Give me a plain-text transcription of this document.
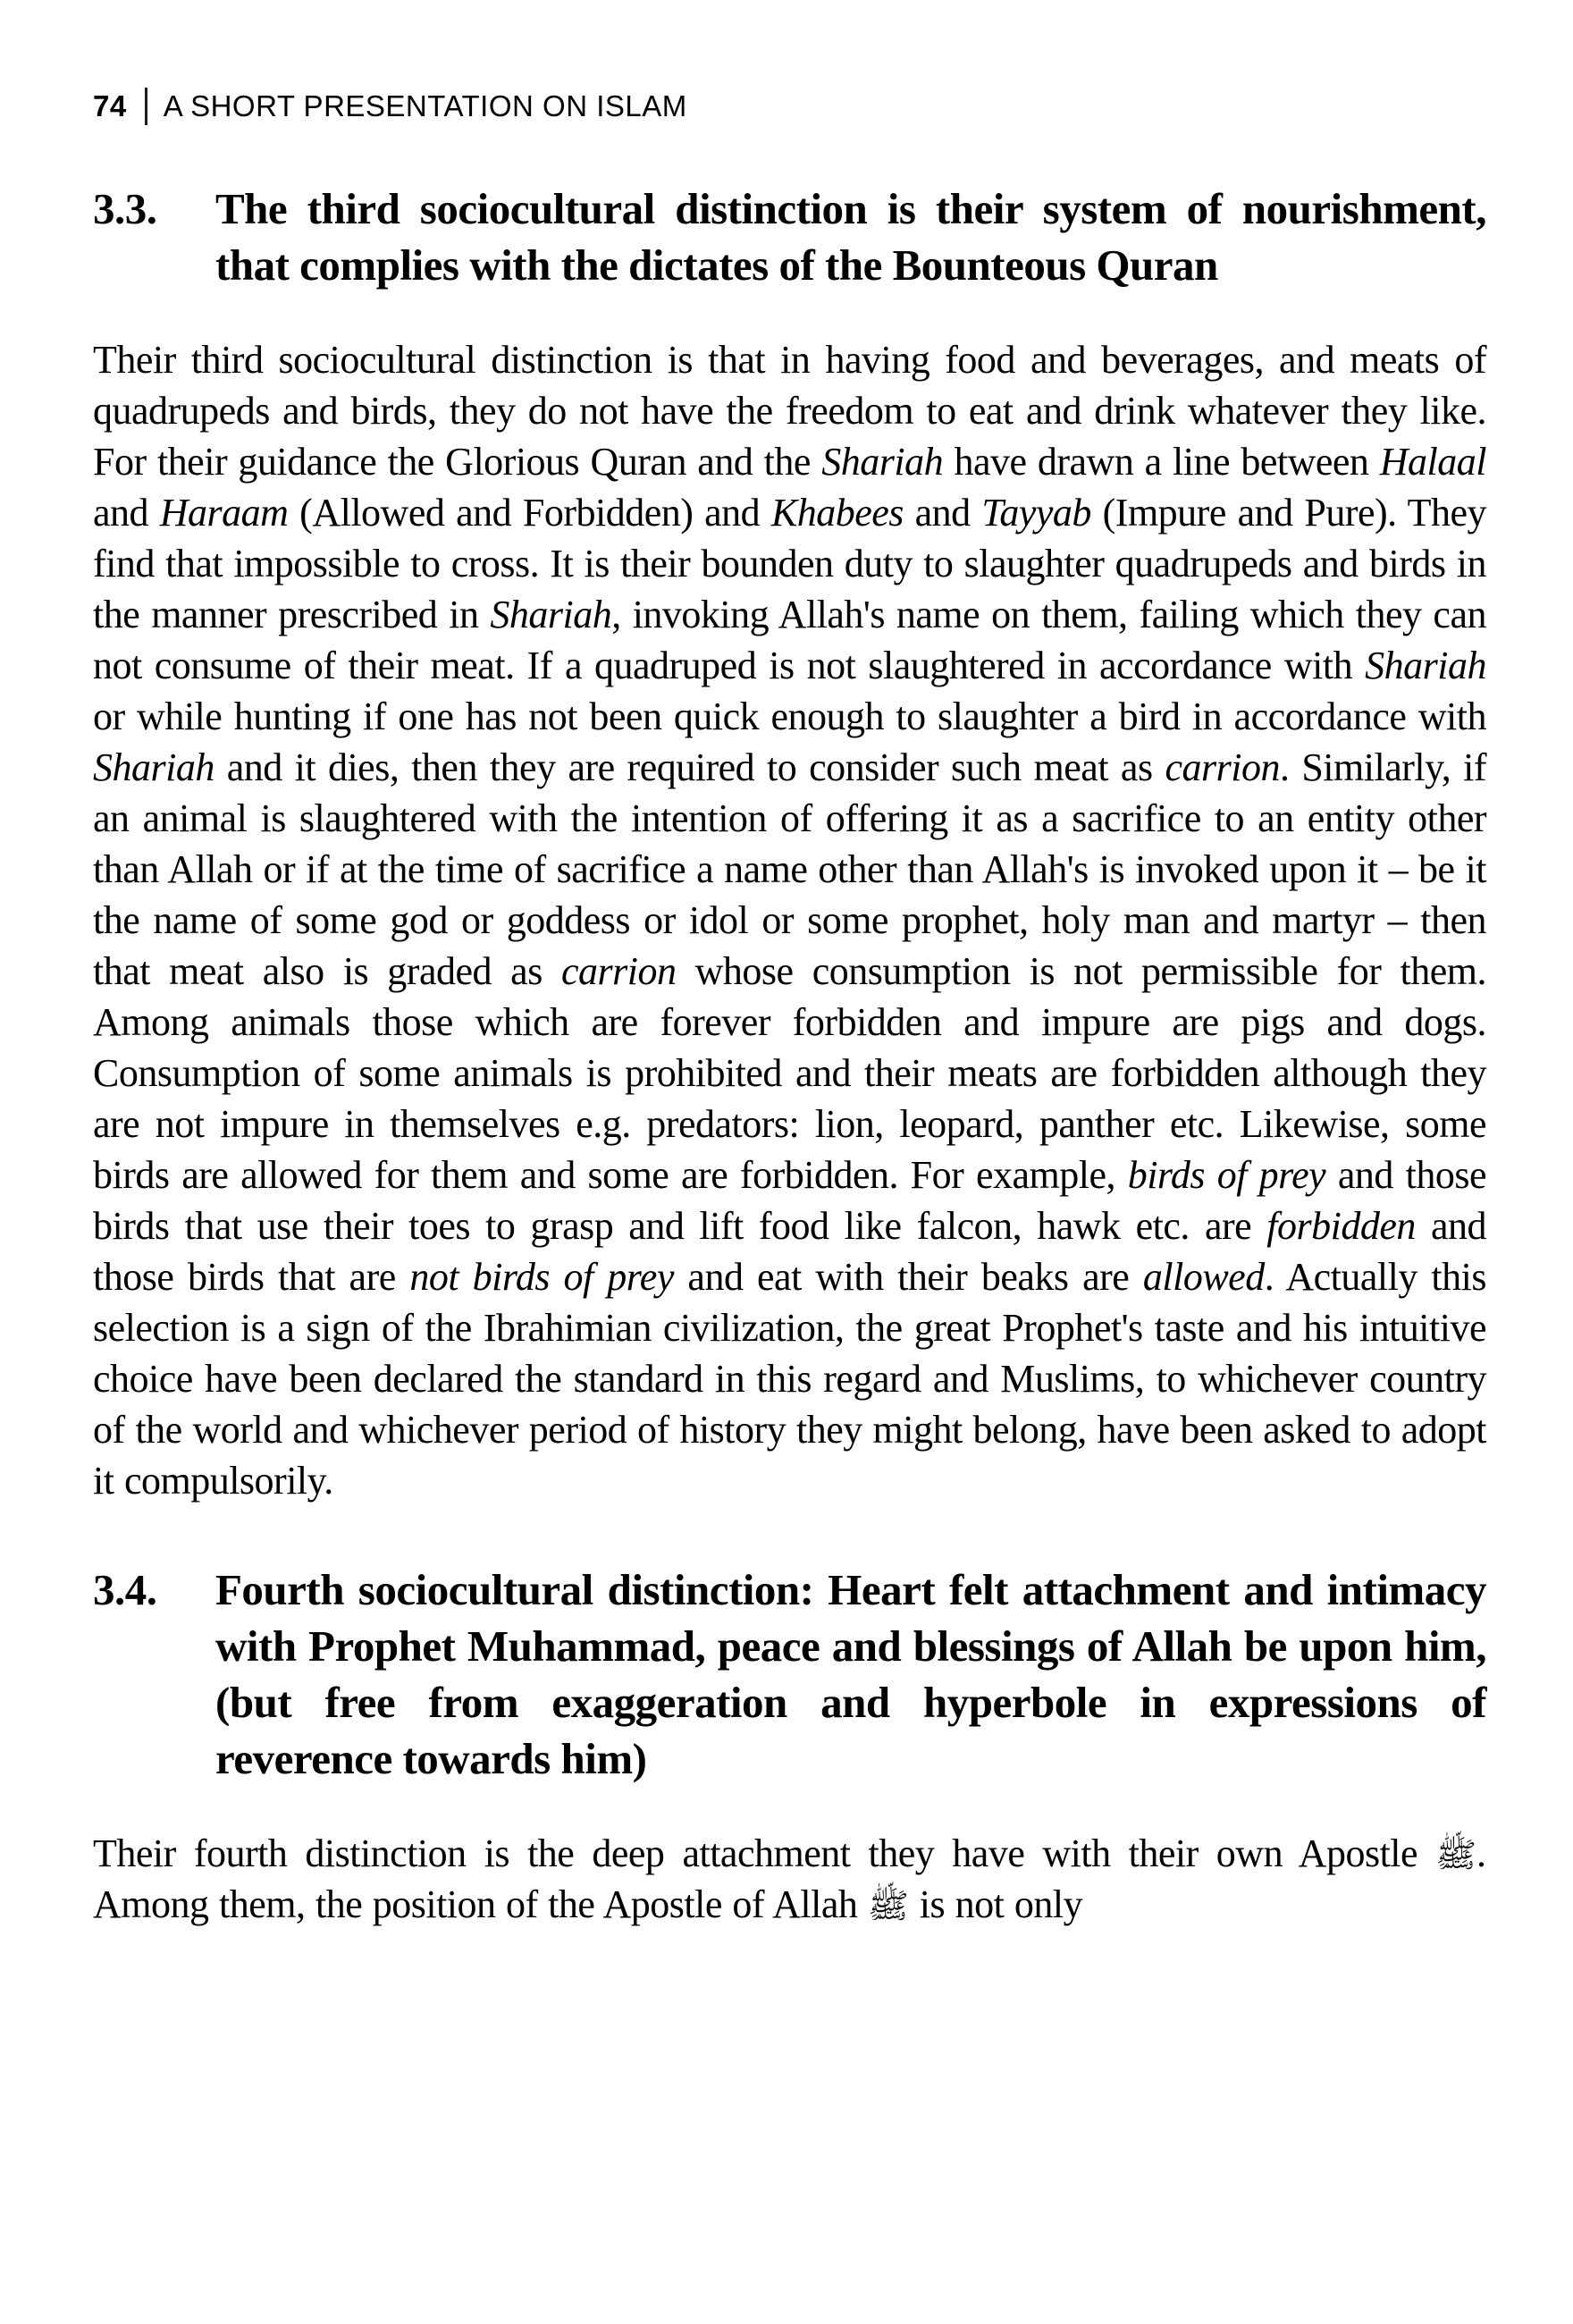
74 A SHORT PRESENTATION ON ISLAM
3.3. The third sociocultural distinction is their system of nourishment, that complies with the dictates of the Bounteous Quran

Their third sociocultural distinction is that in having food and beverages, and meats of quadrupeds and birds, they do not have the freedom to eat and drink whatever they like. For their guidance the Glorious Quran and the Shariah have drawn a line between Halaal and Haraam (Allowed and Forbidden) and Khabees and Tayyab (Impure and Pure). They find that impossible to cross. It is their bounden duty to slaughter quadrupeds and birds in the manner prescribed in Shariah, invoking Allah's name on them, failing which they can not consume of their meat. If a quadruped is not slaughtered in accordance with Shariah or while hunting if one has not been quick enough to slaughter a bird in accordance with Shariah and it dies, then they are required to consider such meat as carrion. Similarly, if an animal is slaughtered with the intention of offering it as a sacrifice to an entity other than Allah or if at the time of sacrifice a name other than Allah's is invoked upon it – be it the name of some god or goddess or idol or some prophet, holy man and martyr – then that meat also is graded as carrion whose consumption is not permissible for them. Among animals those which are forever forbidden and impure are pigs and dogs. Consumption of some animals is prohibited and their meats are forbidden although they are not impure in themselves e.g. predators: lion, leopard, panther etc. Likewise, some birds are allowed for them and some are forbidden. For example, birds of prey and those birds that use their toes to grasp and lift food like falcon, hawk etc. are forbidden and those birds that are not birds of prey and eat with their beaks are allowed. Actually this selection is a sign of the Ibrahimian civilization, the great Prophet's taste and his intuitive choice have been declared the standard in this regard and Muslims, to whichever country of the world and whichever period of history they might belong, have been asked to adopt it compulsorily.

3.4. Fourth sociocultural distinction: Heart felt attachment and intimacy with Prophet Muhammad, peace and blessings of Allah be upon him, (but free from exaggeration and hyperbole in expressions of reverence towards him)

Their fourth distinction is the deep attachment they have with their own Apostle ﷺ. Among them, the position of the Apostle of Allah ﷺ is not only
